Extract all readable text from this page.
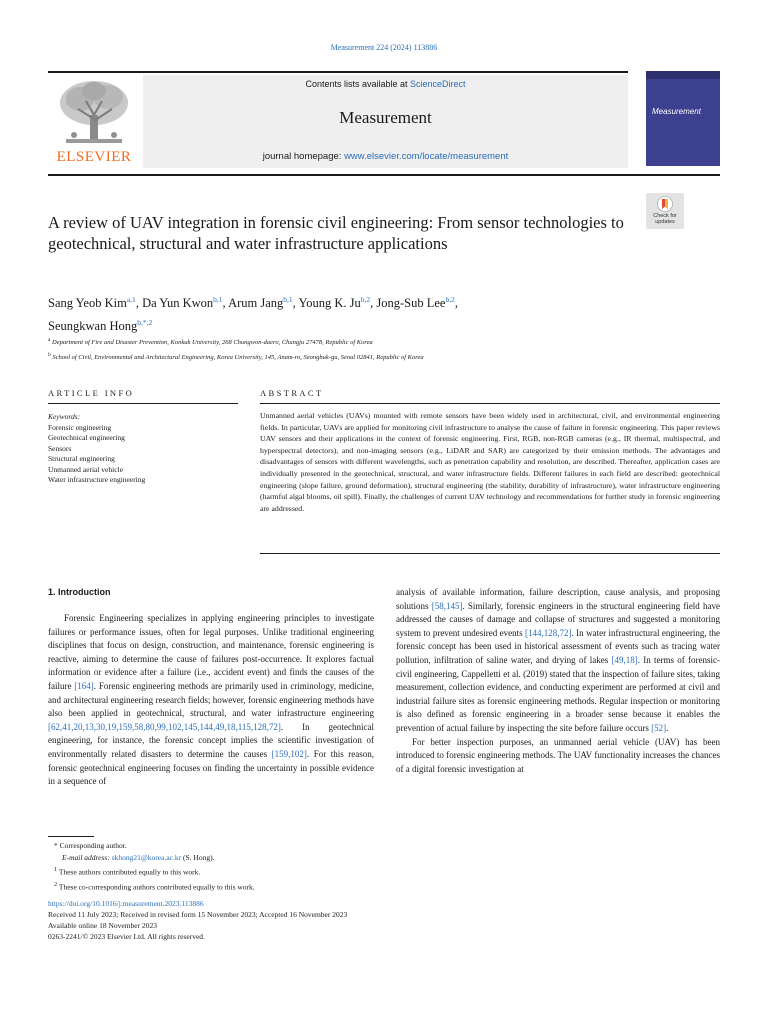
Measurement 224 (2024) 113886
ELSEVIER
Contents lists available at ScienceDirect
Measurement
journal homepage: www.elsevier.com/locate/measurement
Measurement
Check for updates
A review of UAV integration in forensic civil engineering: From sensor technologies to geotechnical, structural and water infrastructure applications
Sang Yeob Kim$^{a,1}$, Da Yun Kwon$^{b,1}$, Arum Jang$^{b,1}$, Young K. Ju$^{b,2}$, Jong-Sub Lee$^{b,2}$,
Seungkwan Hong$^{b,*,2}$
$^a$ Department of Fire and Disaster Prevention, Konkuk University, 268 Chungwon-daero, Chungju 27478, Republic of Korea
$^b$ School of Civil, Environmental and Architectural Engineering, Korea University, 145, Anam-ro, Seongbuk-gu, Seoul 02841, Republic of Korea
ARTICLE INFO
Keywords:
Forensic engineering
Geotechnical engineering
Sensors
Structural engineering
Unmanned aerial vehicle
Water infrastructure engineering
ABSTRACT
Unmanned aerial vehicles (UAVs) mounted with remote sensors have been widely used in architectural, civil, and environmental engineering fields. In particular, UAVs are applied for monitoring civil infrastructure to analyse the cause of failure in forensic engineering. This paper reviews UAV sensors and their applications in the context of forensic engineering. First, RGB, non-RGB cameras (e.g., IR thermal, multispectral, and hyperspectral detectors), and non-imaging sensors (e.g., LiDAR and SAR) are categorized by their emission methods. The advantages and disadvantages of sensors with different wavelengths, such as penetration capability and resolution, are described. Thereafter, application cases are individually presented in the geotechnical, structural, and water infrastructure fields. Different failures in each field are described: geotechnical engineering (slope failure, ground deformation), structural engineering (the stability, durability of infrastructure), water infrastructure engineering (harmful algal blooms, oil spill). Finally, the challenges of current UAV technology and recommendations for further study in forensic engineering are addressed.
1. Introduction

Forensic Engineering specializes in applying engineering principles to investigate failures or performance issues, often for legal purposes. Unlike traditional engineering disciplines that focus on design, construction, and maintenance, forensic engineering is reactive, aiming to determine the cause of failures post-occurrence. It explores factual information or evidence after a failure (i.e., accident event) and finds the causes of the failure [164]. Forensic engineering methods are primarily used in criminology, medicine, and architectural engineering research fields; however, forensic engineering methods have also been applied in geotechnical, structural, and water infrastructure engineering [62,41,20,13,30,19,159,58,80,99,102,145,144,49,18,115,128,72]. In geotechnical engineering, for instance, the forensic concept implies the scientific investigation of environmentally related disasters to determine the causes [159,102]. For this reason, forensic geotechnical engineering focuses on finding the uncertainty in possible evidence in a sequence of

analysis of available information, failure description, cause analysis, and proposing solutions [58,145]. Similarly, forensic engineers in the structural engineering field have addressed the causes of damage and collapse of structures and suggested a monitoring system to prevent undesired events [144,128,72]. In water infrastructural engineering, the forensic concept has been used in historical assessment of events such as tracing water pollution, infiltration of saline water, and drying of lakes [49,18]. In terms of forensic-civil engineering, Cappelletti et al. (2019) stated that the inspection of failure sites, taking measurement, collection evidence, and conducting experiment are performed at civil and industrial failure sites as forensic engineering methods. Regular inspection or monitoring is also defined as forensic engineering in a broader sense because it enables the prevention of actual failure by inspecting the site before failure occurs [52].

For better inspection purposes, an unmanned aerial vehicle (UAV) has been introduced to forensic engineering methods. The UAV functionality increases the chances of a digital forensic investigation at

* Corresponding author.
E-mail address: skhong21@korea.ac.kr (S. Hong).
$^1$ These authors contributed equally to this work.
$^2$ These co-corresponding authors contributed equally to this work.
https://doi.org/10.1016/j.measurement.2023.113886
Received 11 July 2023; Received in revised form 15 November 2023; Accepted 16 November 2023
Available online 18 November 2023
0263-2241/© 2023 Elsevier Ltd. All rights reserved.
